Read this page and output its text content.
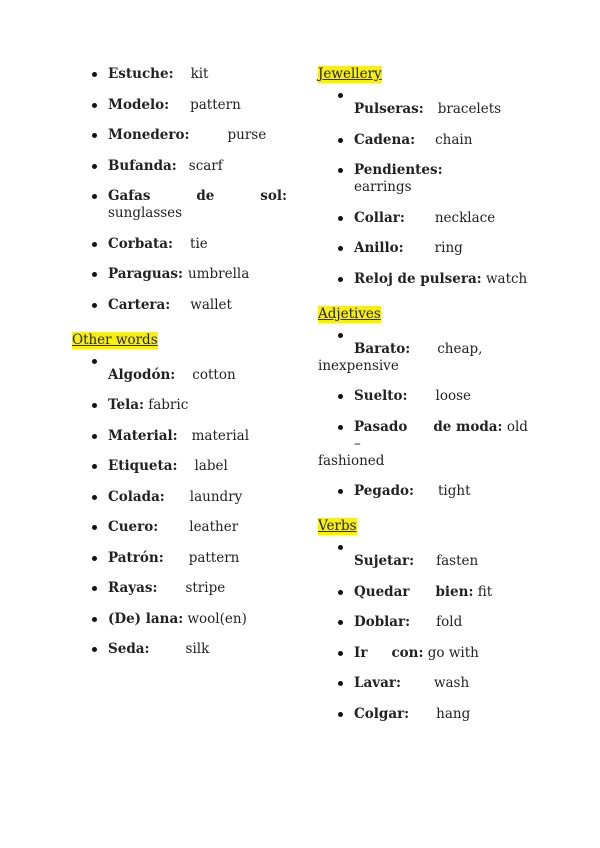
Estuche: kit
Modelo: pattern
Monedero:	purse
Bufanda: scarf
Gafas	de	sol:
sunglasses
Corbata: tie
Paraguas: umbrella
Cartera: wallet
Other words
Algodón: cotton
Tela: fabric
Material: material
Etiqueta: label
Colada: laundry
Cuero: leather
Patrón: pattern
Rayas: stripe
(De) lana: wool(en)
Seda:	silk
Jewellery
Pulseras: bracelets
Cadena: chain
Pendientes:earrings
Collar: necklace
Anillo: ring
Reloj de pulsera: watch
Adjetives
Barato: cheap,
inexpensive
Suelto: loose
Pasado de moda: old –
fashioned
Pegado: tight
Verbs
Sujetar: fasten
Quedar bien: fit
Doblar: fold
Ir con: go with
Lavar: wash
Colgar: hang
